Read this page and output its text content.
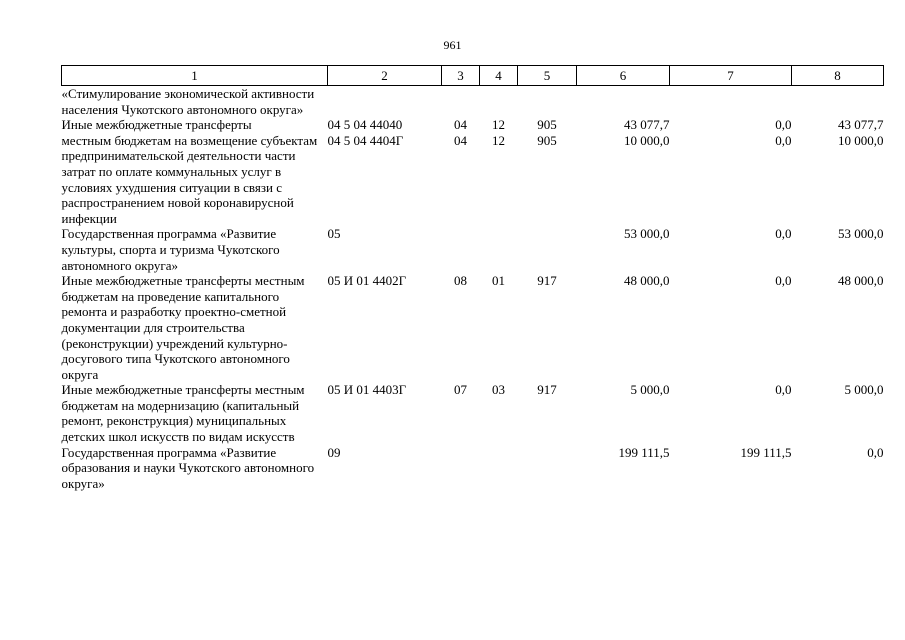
961
1	2	3	4	5	6	7	8
«Стимулирование экономической активности населения Чукотского автономного округа»							
Иные межбюджетные трансферты	04 5 04 44040	04	12	905	43 077,7	0,0	43 077,7
местным бюджетам на возмещение субъектам предпринимательской деятельности части затрат по оплате коммунальных услуг в условиях ухудшения ситуации в связи с распространением новой коронавирусной инфекции	04 5 04 4404Г	04	12	905	10 000,0	0,0	10 000,0
Государственная программа «Развитие культуры, спорта и туризма Чукотского автономного округа»	05				53 000,0	0,0	53 000,0
Иные межбюджетные трансферты местным бюджетам на проведение капитального ремонта и разработку проектно-сметной документации для строительства (реконструкции) учреждений культурно-досугового типа Чукотского автономного округа	05 И 01 4402Г	08	01	917	48 000,0	0,0	48 000,0
Иные межбюджетные трансферты местным бюджетам на модернизацию (капитальный ремонт, реконструкция) муниципальных детских школ искусств по видам искусств	05 И 01 4403Г	07	03	917	5 000,0	0,0	5 000,0
Государственная программа «Развитие образования и науки Чукотского автономного округа»	09				199 111,5	199 111,5	0,0
